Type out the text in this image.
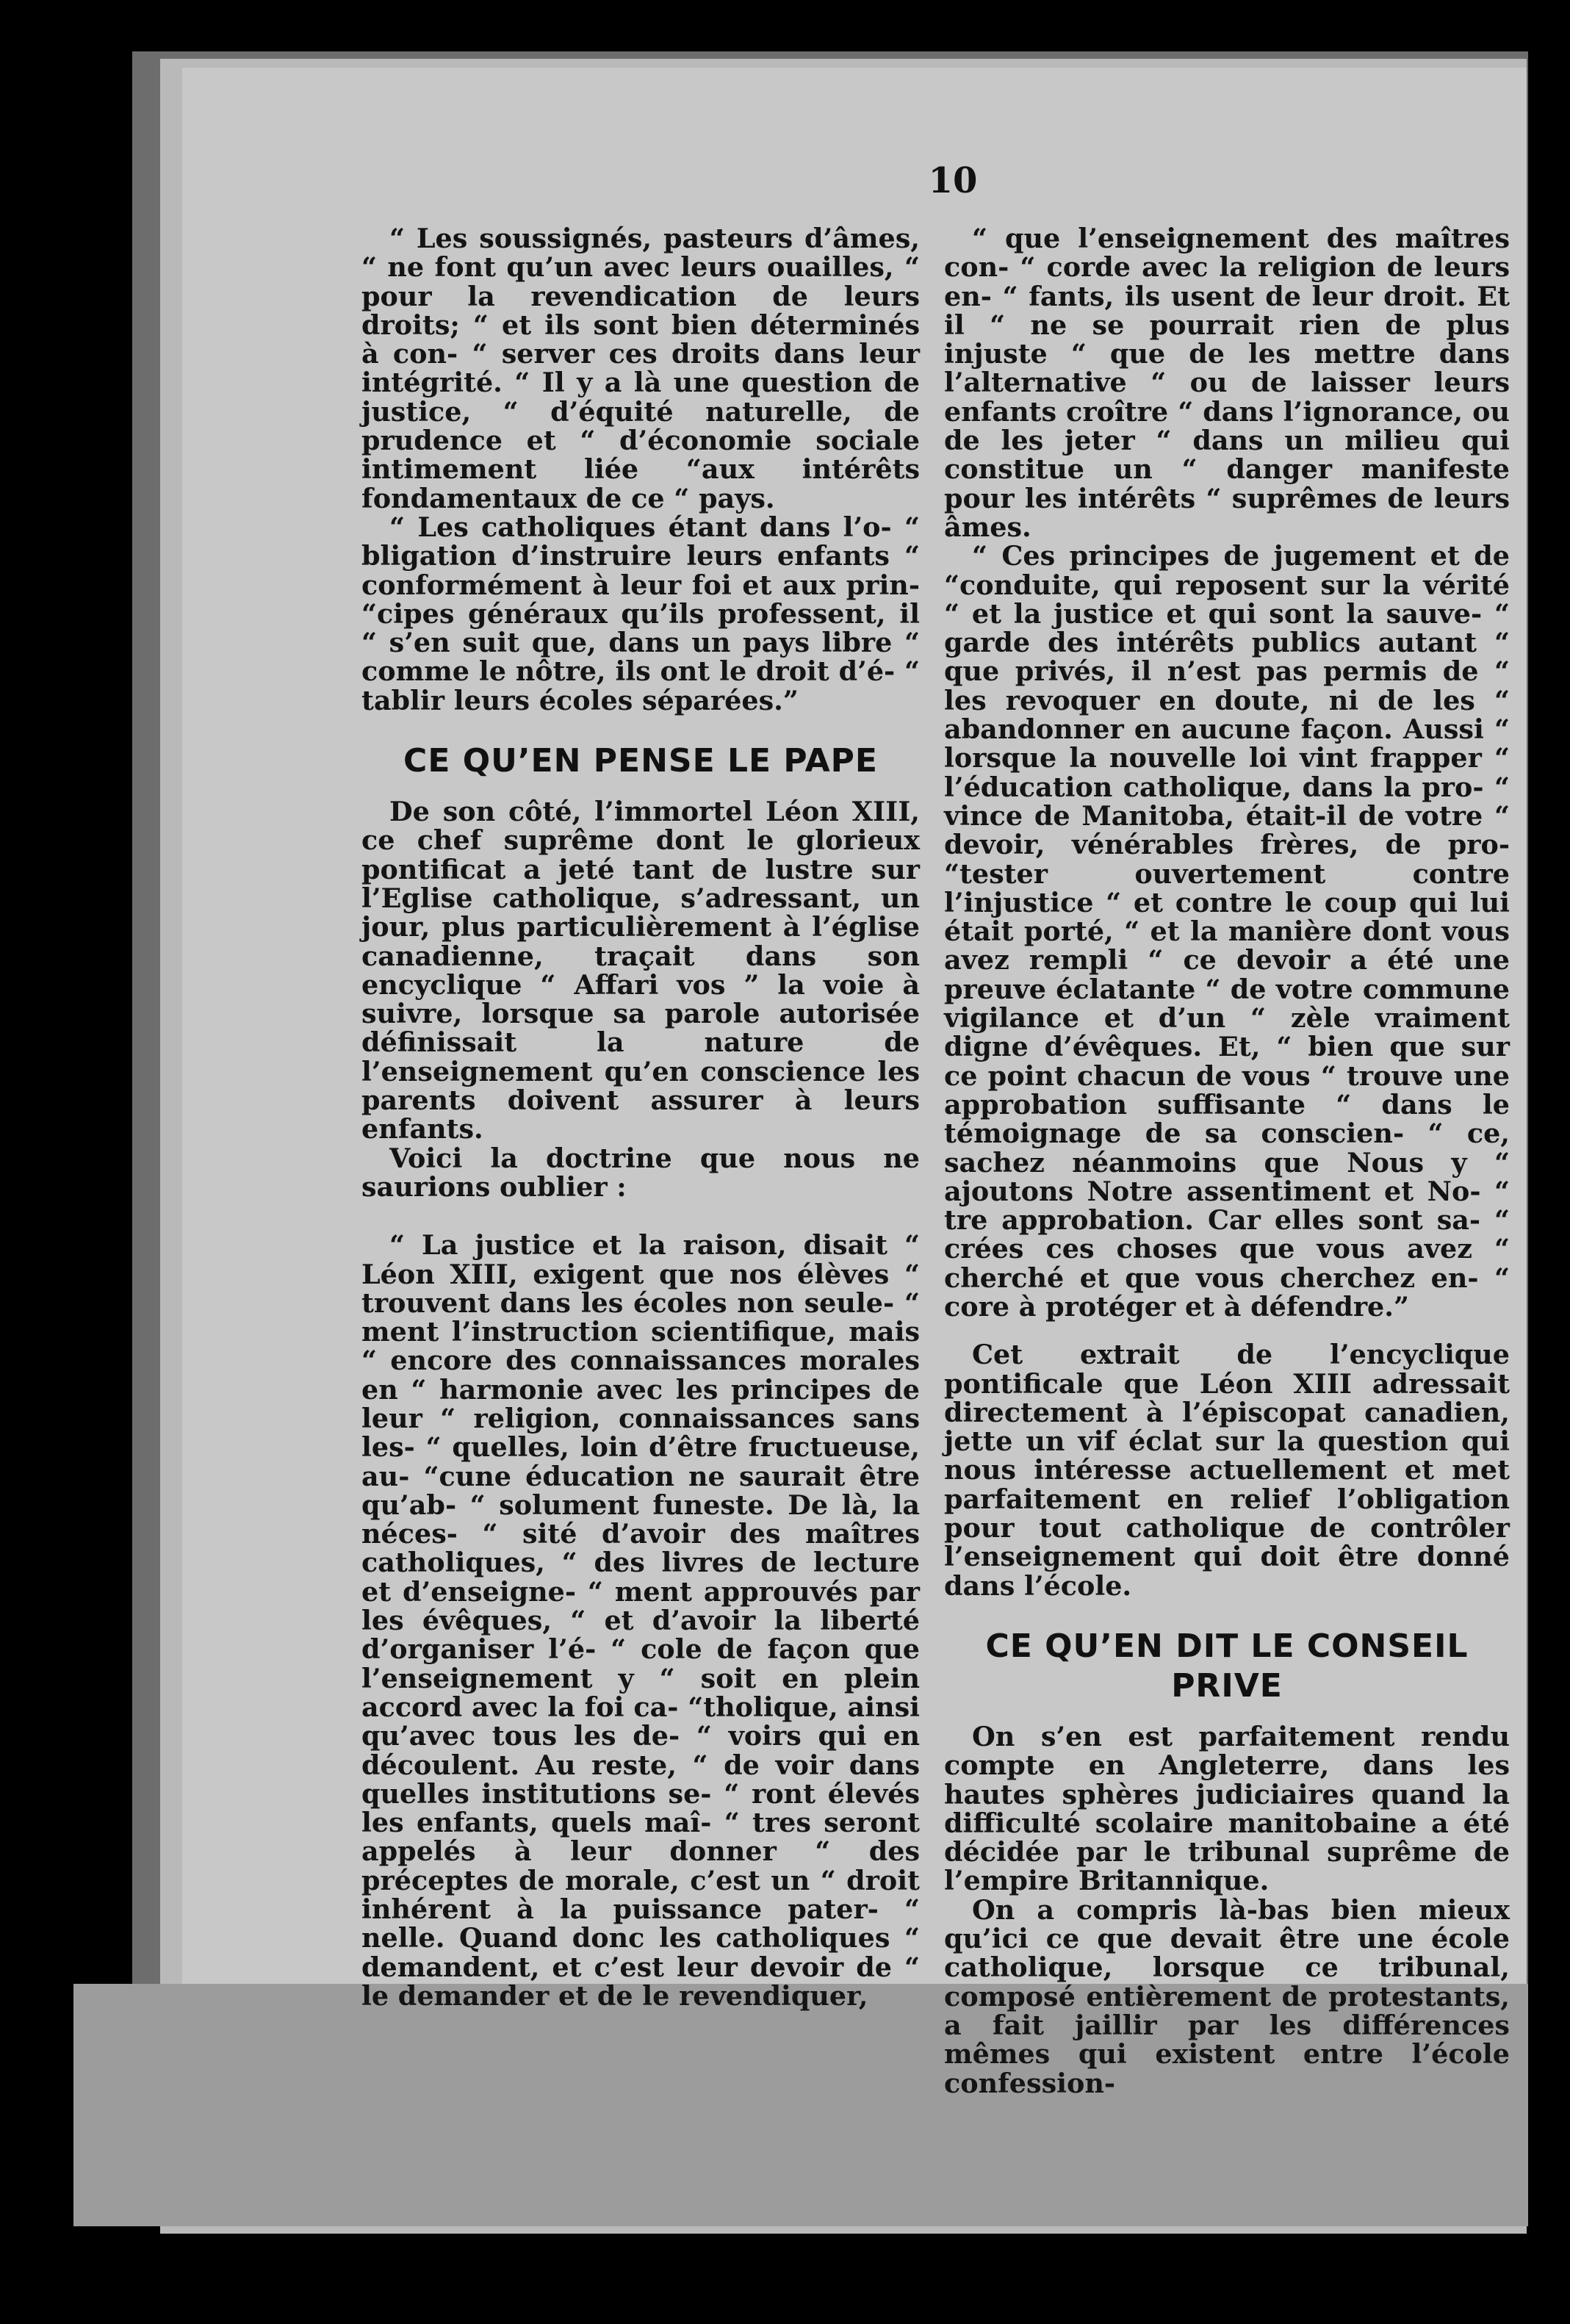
10

“ Les soussignés, pasteurs d’âmes, “ ne font qu’un avec leurs ouailles, “ pour la revendication de leurs droits; “ et ils sont bien déterminés à con- “ server ces droits dans leur intégrité. “ Il y a là une question de justice, “ d’équité naturelle, de prudence et “ d’économie sociale intimement liée “aux intérêts fondamentaux de ce “ pays.

“ Les catholiques étant dans l’o- “ bligation d’instruire leurs enfants “ conformément à leur foi et aux prin- “cipes généraux qu’ils professent, il “ s’en suit que, dans un pays libre “ comme le nôtre, ils ont le droit d’é- “ tablir leurs écoles séparées.”

CE QU’EN PENSE LE PAPE

De son côté, l’immortel Léon XIII, ce chef suprême dont le glorieux pontificat a jeté tant de lustre sur l’Eglise catholique, s’adressant, un jour, plus particulièrement à l’église canadienne, traçait dans son encyclique “ Affari vos ” la voie à suivre, lorsque sa parole autorisée définissait la nature de l’enseignement qu’en conscience les parents doivent assurer à leurs enfants.

Voici la doctrine que nous ne saurions oublier :

“ La justice et la raison, disait “ Léon XIII, exigent que nos élèves “ trouvent dans les écoles non seule- “ ment l’instruction scientifique, mais “ encore des connaissances morales en “ harmonie avec les principes de leur “ religion, connaissances sans les- “ quelles, loin d’être fructueuse, au- “cune éducation ne saurait être qu’ab- “ solument funeste. De là, la néces- “ sité d’avoir des maîtres catholiques, “ des livres de lecture et d’enseigne- “ ment approuvés par les évêques, “ et d’avoir la liberté d’organiser l’é- “ cole de façon que l’enseignement y “ soit en plein accord avec la foi ca- “tholique, ainsi qu’avec tous les de- “ voirs qui en découlent. Au reste, “ de voir dans quelles institutions se- “ ront élevés les enfants, quels maî- “ tres seront appelés à leur donner “ des préceptes de morale, c’est un “ droit inhérent à la puissance pater- “ nelle. Quand donc les catholiques “ demandent, et c’est leur devoir de “ le demander et de le revendiquer,

“ que l’enseignement des maîtres con- “ corde avec la religion de leurs en- “ fants, ils usent de leur droit. Et il “ ne se pourrait rien de plus injuste “ que de les mettre dans l’alternative “ ou de laisser leurs enfants croître “ dans l’ignorance, ou de les jeter “ dans un milieu qui constitue un “ danger manifeste pour les intérêts “ suprêmes de leurs âmes.

“ Ces principes de jugement et de “conduite, qui reposent sur la vérité “ et la justice et qui sont la sauve- “ garde des intérêts publics autant “ que privés, il n’est pas permis de “ les revoquer en doute, ni de les “ abandonner en aucune façon. Aussi “ lorsque la nouvelle loi vint frapper “ l’éducation catholique, dans la pro- “ vince de Manitoba, était-il de votre “ devoir, vénérables frères, de pro- “tester ouvertement contre l’injustice “ et contre le coup qui lui était porté, “ et la manière dont vous avez rempli “ ce devoir a été une preuve éclatante “ de votre commune vigilance et d’un “ zèle vraiment digne d’évêques. Et, “ bien que sur ce point chacun de vous “ trouve une approbation suffisante “ dans le témoignage de sa conscien- “ ce, sachez néanmoins que Nous y “ ajoutons Notre assentiment et No- “ tre approbation. Car elles sont sa- “ crées ces choses que vous avez “ cherché et que vous cherchez en- “ core à protéger et à défendre.”

Cet extrait de l’encyclique pontificale que Léon XIII adressait directement à l’épiscopat canadien, jette un vif éclat sur la question qui nous intéresse actuellement et met parfaitement en relief l’obligation pour tout catholique de contrôler l’enseignement qui doit être donné dans l’école.

CE QU’EN DIT LE CONSEIL PRIVE

On s’en est parfaitement rendu compte en Angleterre, dans les hautes sphères judiciaires quand la difficulté scolaire manitobaine a été décidée par le tribunal suprême de l’empire Britannique.

On a compris là-bas bien mieux qu’ici ce que devait être une école catholique, lorsque ce tribunal, composé entièrement de protestants, a fait jaillir par les différences mêmes qui existent entre l’école confession-
